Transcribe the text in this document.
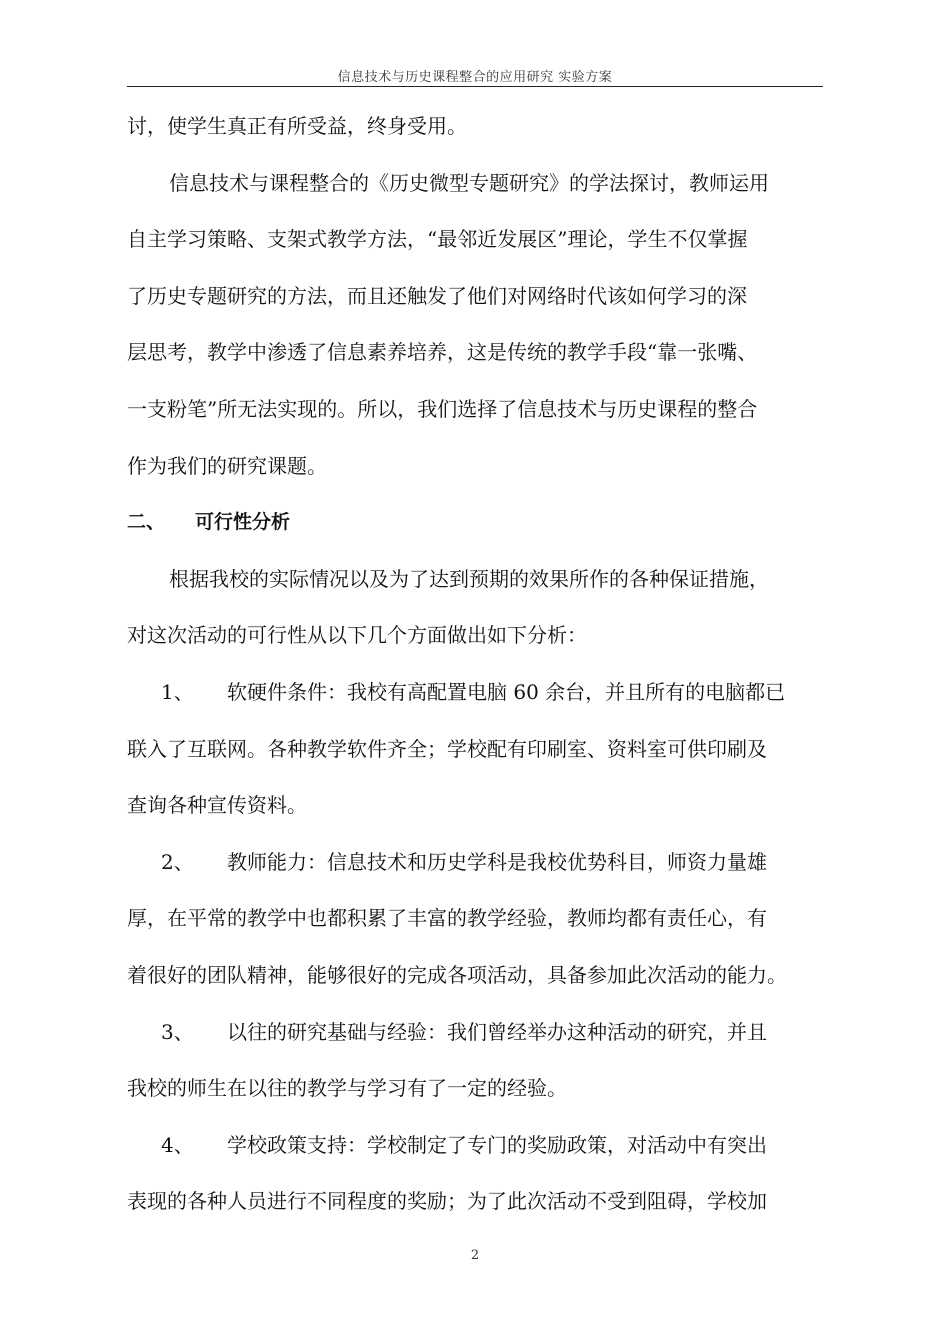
信息技术与历史课程整合的应用研究 实验方案
讨，使学生真正有所受益，终身受用。
信息技术与课程整合的《历史微型专题研究》的学法探讨，教师运用
自主学习策略、支架式教学方法，“最邻近发展区”理论，学生不仅掌握
了历史专题研究的方法，而且还触发了他们对网络时代该如何学习的深
层思考，教学中渗透了信息素养培养，这是传统的教学手段“靠一张嘴、
一支粉笔”所无法实现的。所以，我们选择了信息技术与历史课程的整合
作为我们的研究课题。
二、 可行性分析
根据我校的实际情况以及为了达到预期的效果所作的各种保证措施，
对这次活动的可行性从以下几个方面做出如下分析：
1、 软硬件条件：我校有高配置电脑 60 余台，并且所有的电脑都已
联入了互联网。各种教学软件齐全；学校配有印刷室、资料室可供印刷及
查询各种宣传资料。
2、 教师能力：信息技术和历史学科是我校优势科目，师资力量雄
厚，在平常的教学中也都积累了丰富的教学经验，教师均都有责任心，有
着很好的团队精神，能够很好的完成各项活动，具备参加此次活动的能力。
3、 以往的研究基础与经验：我们曾经举办这种活动的研究，并且
我校的师生在以往的教学与学习有了一定的经验。
4、 学校政策支持：学校制定了专门的奖励政策，对活动中有突出
表现的各种人员进行不同程度的奖励；为了此次活动不受到阻碍，学校加
2
